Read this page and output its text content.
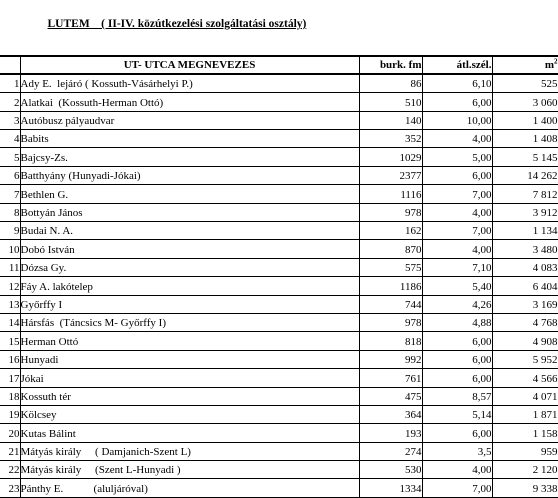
LUTEM    ( II-IV. közútkezelési szolgáltatási osztály)

	UT- UTCA MEGNEVEZES	burk. fm	átl.szél.	$m^2$
1	Ady E.  lejáró ( Kossuth-Vásárhelyi P.)	86	6,10	525
2	Alatkai  (Kossuth-Herman Ottó)	510	6,00	3 060
3	Autóbusz pályaudvar	140	10,00	1 400
4	Babits	352	4,00	1 408
5	Bajcsy-Zs.	1029	5,00	5 145
6	Batthyány (Hunyadi-Jókai)	2377	6,00	14 262
7	Bethlen G.	1116	7,00	7 812
8	Bottyán János	978	4,00	3 912
9	Budai N. A.	162	7,00	1 134
10	Dobó István	870	4,00	3 480
11	Dózsa Gy.	575	7,10	4 083
12	Fáy A. lakótelep	1186	5,40	6 404
13	Győrffy I	744	4,26	3 169
14	Hársfás  (Táncsics M- Győrffy I)	978	4,88	4 768
15	Herman Ottó	818	6,00	4 908
16	Hunyadi	992	6,00	5 952
17	Jókai	761	6,00	4 566
18	Kossuth tér	475	8,57	4 071
19	Kölcsey	364	5,14	1 871
20	Kutas Bálint	193	6,00	1 158
21	Mátyás király     ( Damjanich-Szent L)	274	3,5	959
22	Mátyás király     (Szent L-Hunyadi )	530	4,00	2 120
23	Pánthy E.           (aluljáróval)	1334	7,00	9 338
